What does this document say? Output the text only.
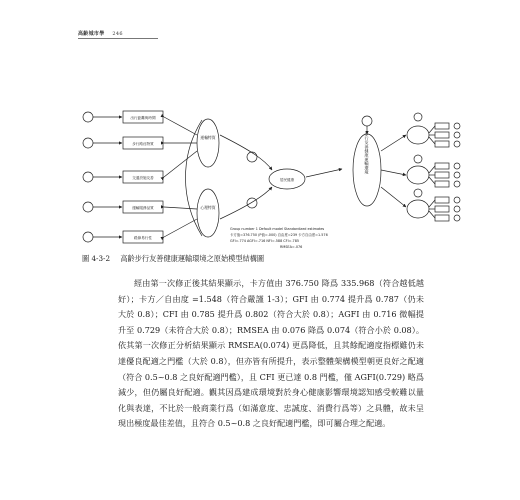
高齡城市學 246
出行距離與時間
步行路徑特質
交通設施友善
運輸服務品質
路線易行性
運輸特質
心理特質
居民健康
步行友善健康運輸環境
Group number 1 Default model Standardized estimates
卡方值=376.750 (P值=.000) 自由度=239 卡方自由度=1.576
GFI=.774 AGFI=.716 NFI=.588 CFI=.785
RMSEA=.076
圖 4-3-2 高齡步行友善健康運輸環境之原始模型結構圖

經由第一次修正後其結果顯示，卡方值由 376.750 降爲 335.968（符合越低越好）；卡方／自由度 =1.548（符合嚴謹 1-3）；GFI 由 0.774 提升爲 0.787（仍未大於 0.8）；CFI 由 0.785 提升爲 0.802（符合大於 0.8）；AGFI 由 0.716 微幅提升至 0.729（未符合大於 0.8）；RMSEA 由 0.076 降爲 0.074（符合小於 0.08）。依其第一次修正分析結果顯示 RMSEA(0.074) 更爲降低，且其餘配適度指標雖仍未達優良配適之門檻（大於 0.8），但亦皆有所提升，表示整體架構模型朝更良好之配適（符合 0.5~0.8 之良好配適門檻），且 CFI 更已達 0.8 門檻，僅 AGFI(0.729) 略爲減少，但仍屬良好配適。觀其因爲建成環境對於身心健康影響環境認知感受較難以量化與表達，不比於一般商業行爲（如滿意度、忠誠度、消費行爲等）之具體，故未呈現出極度最佳差值，且符合 0.5~0.8 之良好配適門檻，即可屬合理之配適。
